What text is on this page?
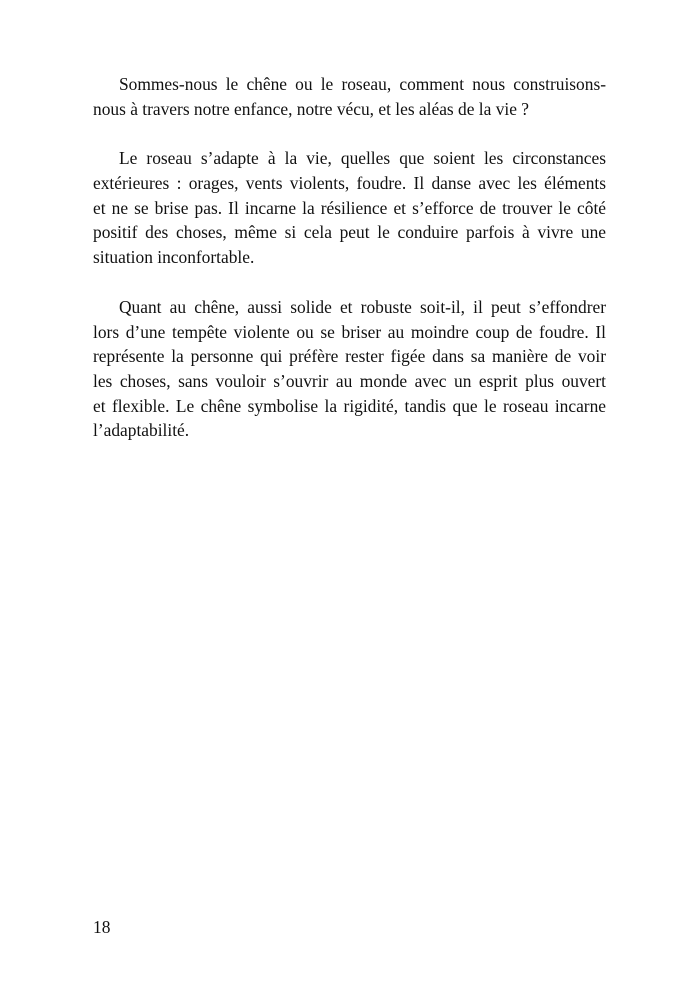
Sommes-nous le chêne ou le roseau, comment nous construisons-
nous à travers notre enfance, notre vécu, et les aléas de la vie ?
Le roseau s’adapte à la vie, quelles que soient les circonstances
extérieures : orages, vents violents, foudre. Il danse avec les éléments
et ne se brise pas. Il incarne la résilience et s’efforce de trouver le côté
positif des choses, même si cela peut le conduire parfois à vivre une
situation inconfortable.
Quant au chêne, aussi solide et robuste soit-il, il peut s’effondrer
lors d’une tempête violente ou se briser au moindre coup de foudre. Il
représente la personne qui préfère rester figée dans sa manière de voir
les choses, sans vouloir s’ouvrir au monde avec un esprit plus ouvert
et flexible. Le chêne symbolise la rigidité, tandis que le roseau incarne
l’adaptabilité.
18
